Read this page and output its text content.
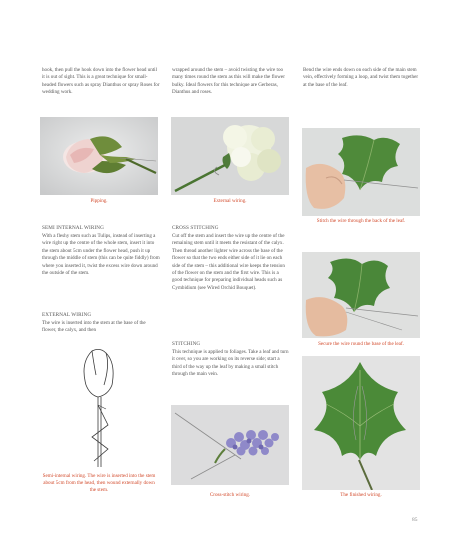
hook, then pull the hook down into the flower head until it is out of sight. This is a great technique for small-headed flowers such as spray Dianthus or spray Roses for wedding work.

Pipping.

SEMI INTERNAL WIRING

With a fleshy stem such as Tulips, instead of inserting a wire right up the centre of the whole stem, insert it into the stem about 5cm under the flower head, push it up through the middle of stem (this can be quite fiddly) from where you inserted it, twist the excess wire down around the outside of the stem.

EXTERNAL WIRING

The wire is inserted into the stem at the base of the flower, the calyx, and then

Semi-internal wiring. The wire is inserted into the stem about 5cm from the head, then wound externally down the stem.

wrapped around the stem – avoid twisting the wire too many times round the stem as this will make the flower bulky. Ideal flowers for this technique are Gerberas, Dianthus and roses.

External wiring.

CROSS STITCHING

Cut off the stem and insert the wire up the centre of the remaining stem until it meets the resistant of the calyx. Then thread another lighter wire across the base of the flower so that the two ends either side of it lie on each side of the stem – this additional wire keeps the tension of the flower on the stem and the first wire. This is a good technique for preparing individual heads such as Cymbidium (see Wired Orchid Bouquet).

STITCHING

This technique is applied to foliages. Take a leaf and turn it over, so you are working on its reverse side; start a third of the way up the leaf by making a small stitch through the main vein.

Cross-stitch wiring.

Bend the wire ends down on each side of the main stem vein, effectively forming a loop, and twist them together at the base of the leaf.

Stitch the wire through the back of the leaf.

Secure the wire round the base of the leaf.

The finished wiring.

85
